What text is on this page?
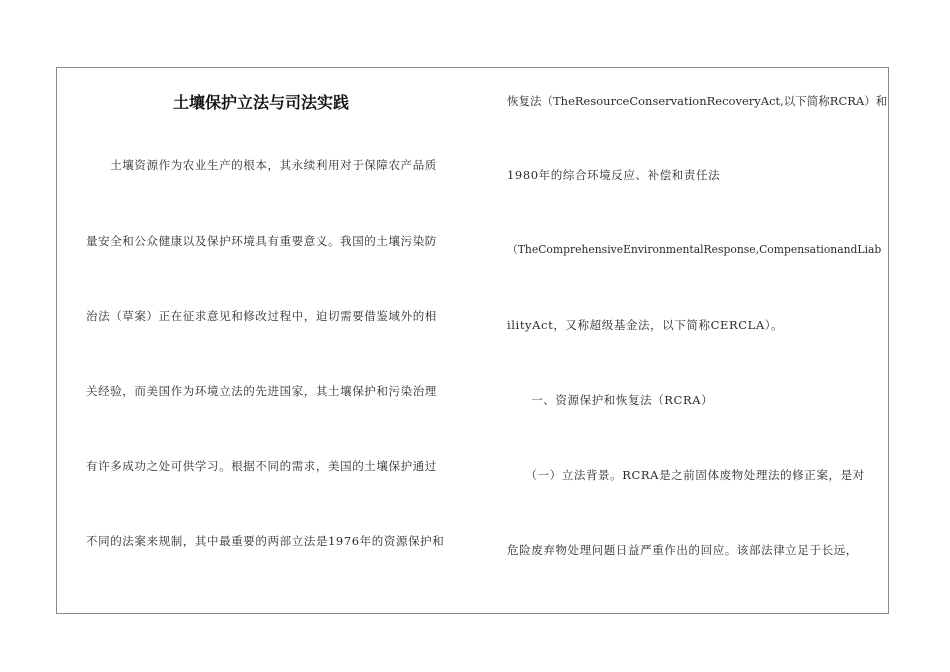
土壤保护立法与司法实践
　　土壤资源作为农业生产的根本，其永续利用对于保障农产品质
量安全和公众健康以及保护环境具有重要意义。我国的土壤污染防
治法（草案）正在征求意见和修改过程中，迫切需要借鉴域外的相
关经验，而美国作为环境立法的先进国家，其土壤保护和污染治理
有许多成功之处可供学习。根据不同的需求，美国的土壤保护通过
不同的法案来规制，其中最重要的两部立法是1976年的资源保护和
恢复法（TheResourceConservationRecoveryAct,以下简称RCRA）和
1980年的综合环境反应、补偿和责任法
（TheComprehensiveEnvironmentalResponse,CompensationandLiab
ilityAct，又称超级基金法，以下简称CERCLA）。
　　一、资源保护和恢复法（RCRA）
　　（一）立法背景。RCRA是之前固体废物处理法的修正案，是对
危险废弃物处理问题日益严重作出的回应。该部法律立足于长远，
